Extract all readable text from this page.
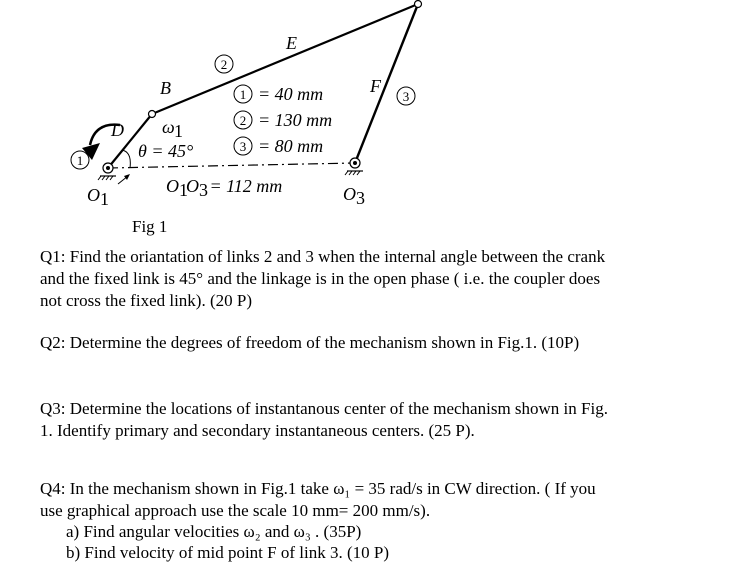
1
2
3
E
B
D
F
ω 1
θ = 45°
O 1	O 3
O 1
O 3
= 112 mm
1 = 40 mm
2 = 130 mm
3 = 80 mm
Fig 1
Q1: Find the oriantation of links 2 and 3 when the internal angle between the crank
and the fixed link is 45° and the linkage is in the open phase ( i.e. the coupler does
not cross the fixed link). (20 P)
Q2: Determine the degrees of freedom of the mechanism shown in Fig.1. (10P)
Q3: Determine the locations of instantanous center of the mechanism shown in Fig.
1. Identify primary and secondary instantaneous centers. (25 P).
Q4: In the mechanism shown in Fig.1 take ω₁ = 35 rad/s in CW direction. ( If you
use graphical approach use the scale 10 mm= 200 mm/s).
a) Find angular velocities ω₂ and ω₃ . (35P)
b) Find velocity of mid point F of link 3. (10 P)
